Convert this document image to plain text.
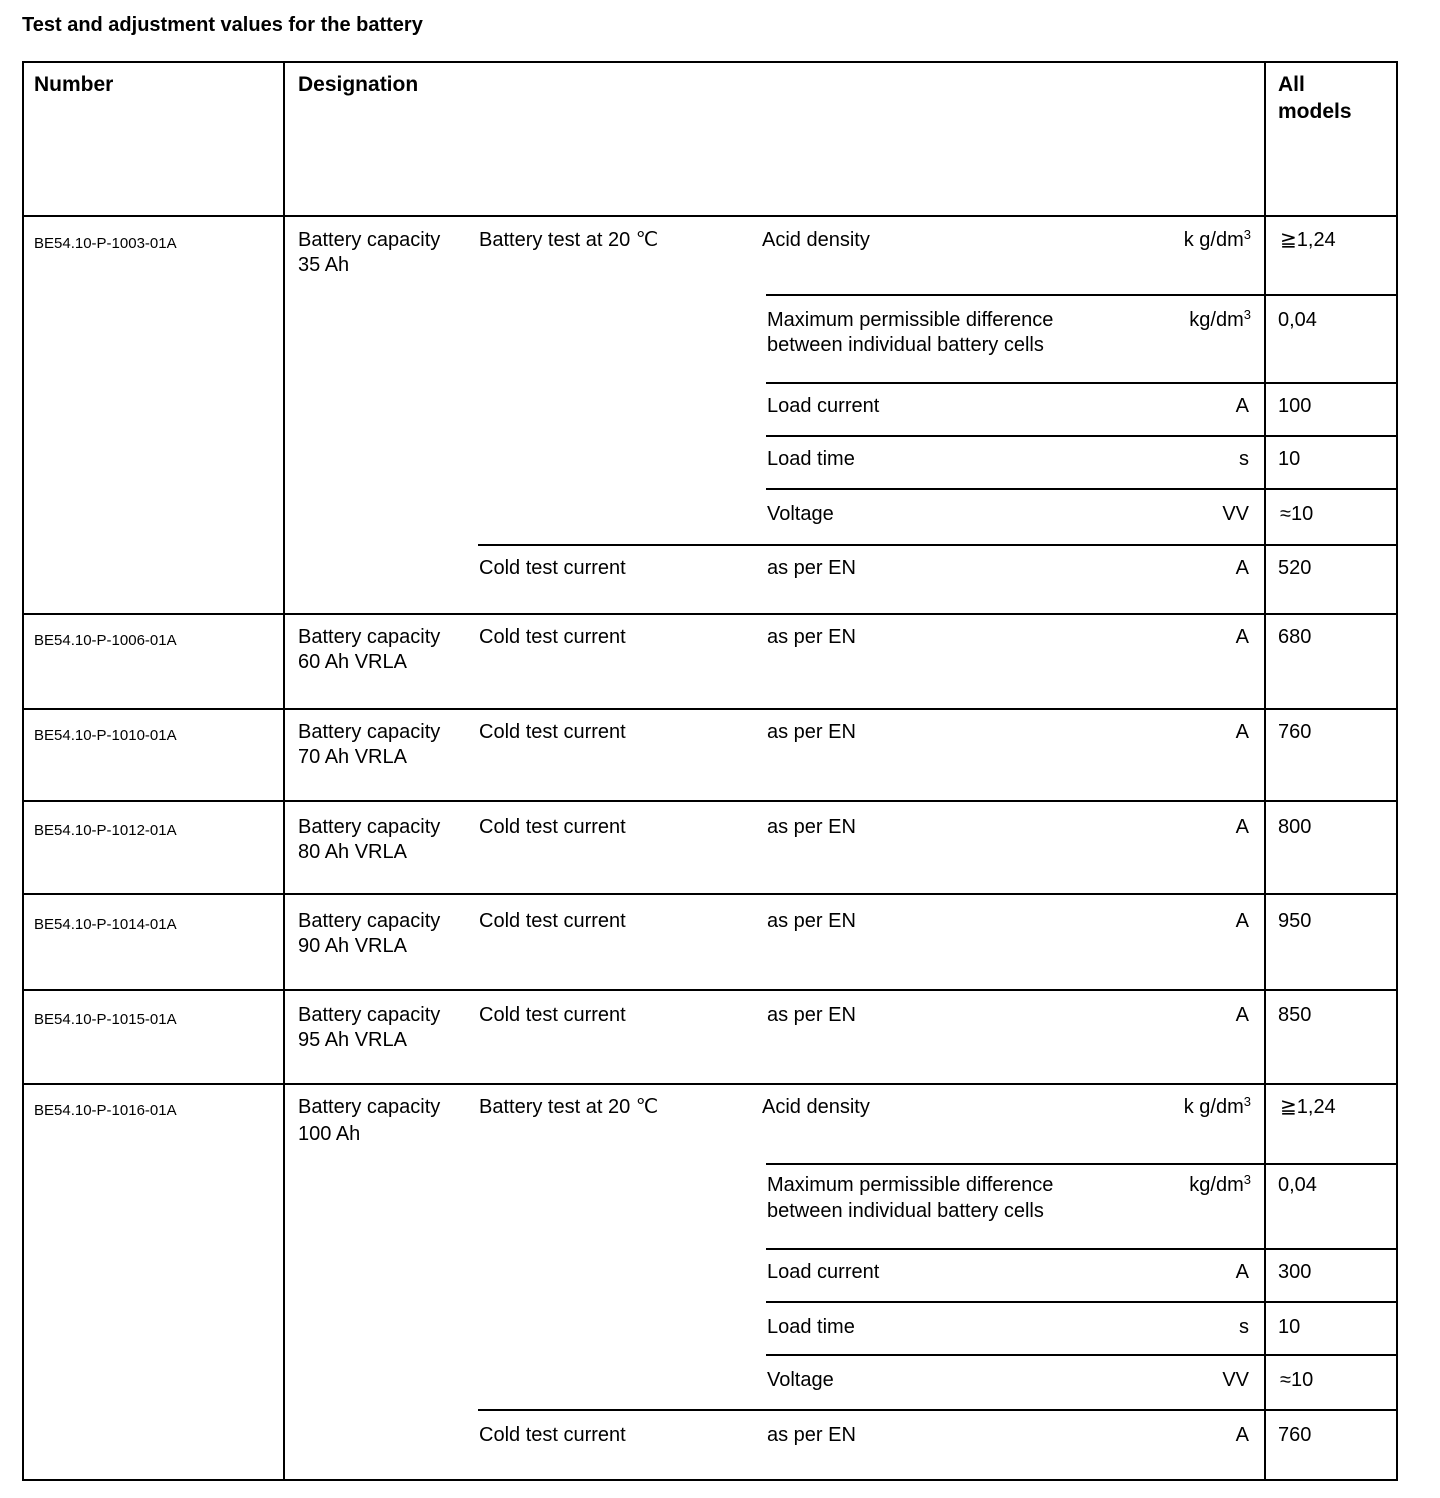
Test and adjustment values for the battery
Number	Designation	All
models
BE54.10-P-1003-01A	Battery capacity
35 Ah
Battery test at 20 ℃	Acid density	k $g/dm^3$ ≧1,24
Maximum permissible difference
between individual battery cells
$kg/dm^3$ 0,04
Load current	A 100
Load time	s 10
Voltage	VV ≈10
Cold test current	as per EN	A 520
BE54.10-P-1006-01A	Battery capacity
60 Ah VRLA
Cold test current	as per EN	A 680
BE54.10-P-1010-01A	Battery capacity
70 Ah VRLA
Cold test current	as per EN	A 760
BE54.10-P-1012-01A	Battery capacity
80 Ah VRLA
Cold test current	as per EN	A 800
BE54.10-P-1014-01A	Battery capacity
90 Ah VRLA
Cold test current	as per EN	A 950
BE54.10-P-1015-01A	Battery capacity
95 Ah VRLA
Cold test current	as per EN	A 850
BE54.10-P-1016-01A	Battery capacity
100 Ah
Battery test at 20 ℃	Acid density	k $g/dm^3$ ≧1,24
Maximum permissible difference
between individual battery cells
$kg/dm^3$ 0,04
Load current	A 300
Load time	s 10
Voltage	VV ≈10
Cold test current	as per EN	A 760
